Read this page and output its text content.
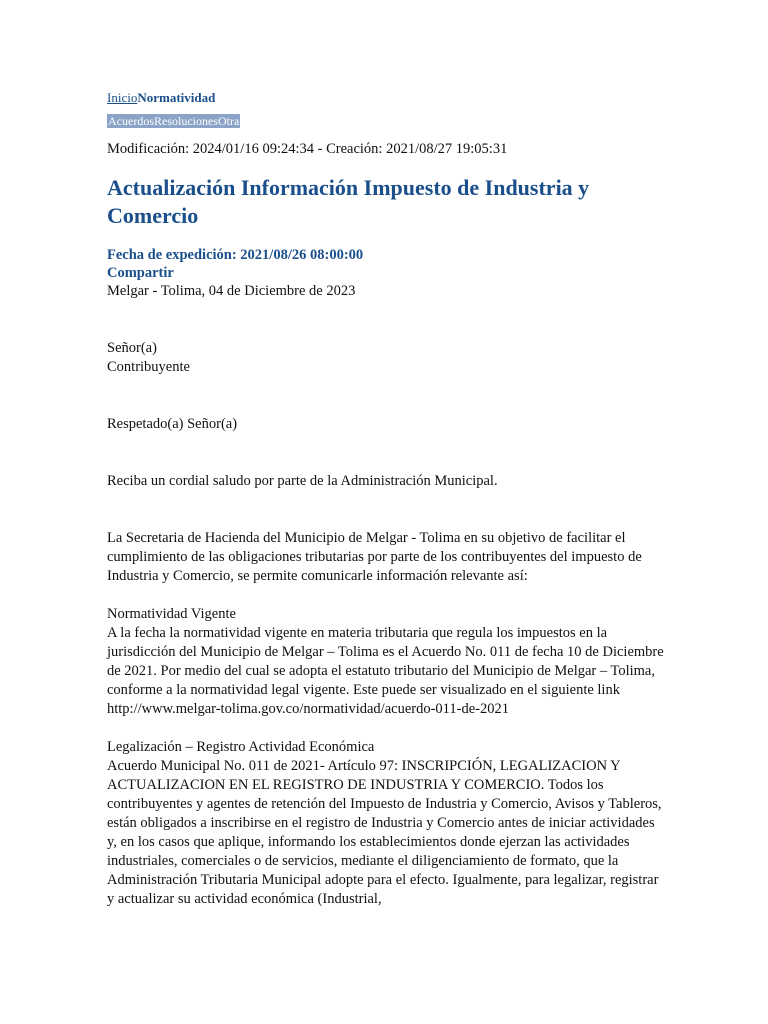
InicioNormatividad
AcuerdosResolucionesOtra
Modificación: 2024/01/16 09:24:34 - Creación: 2021/08/27 19:05:31
Actualización Información Impuesto de Industria y Comercio
Fecha de expedición: 2021/08/26 08:00:00
Compartir

Melgar - Tolima, 04 de Diciembre de 2023

Señor(a)

Contribuyente

Respetado(a) Señor(a)

Reciba un cordial saludo por parte de la Administración Municipal.

La Secretaria de Hacienda del Municipio de Melgar - Tolima en su objetivo de facilitar el cumplimiento de las obligaciones tributarias por parte de los contribuyentes del impuesto de Industria y Comercio, se permite comunicarle información relevante así:

Normatividad Vigente

A la fecha la normatividad vigente en materia tributaria que regula los impuestos en la jurisdicción del Municipio de Melgar – Tolima es el Acuerdo No. 011 de fecha 10 de Diciembre de 2021. Por medio del cual se adopta el estatuto tributario del Municipio de Melgar – Tolima, conforme a la normatividad legal vigente. Este puede ser visualizado en el siguiente link

http://www.melgar-tolima.gov.co/normatividad/acuerdo-011-de-2021

Legalización – Registro Actividad Económica

Acuerdo Municipal No. 011 de 2021- Artículo 97: INSCRIPCIÓN, LEGALIZACION Y ACTUALIZACION EN EL REGISTRO DE INDUSTRIA Y COMERCIO. Todos los contribuyentes y agentes de retención del Impuesto de Industria y Comercio, Avisos y Tableros, están obligados a inscribirse en el registro de Industria y Comercio antes de iniciar actividades y, en los casos que aplique, informando los establecimientos donde ejerzan las actividades industriales, comerciales o de servicios, mediante el diligenciamiento de formato, que la Administración Tributaria Municipal adopte para el efecto. Igualmente, para legalizar, registrar y actualizar su actividad económica (Industrial,
